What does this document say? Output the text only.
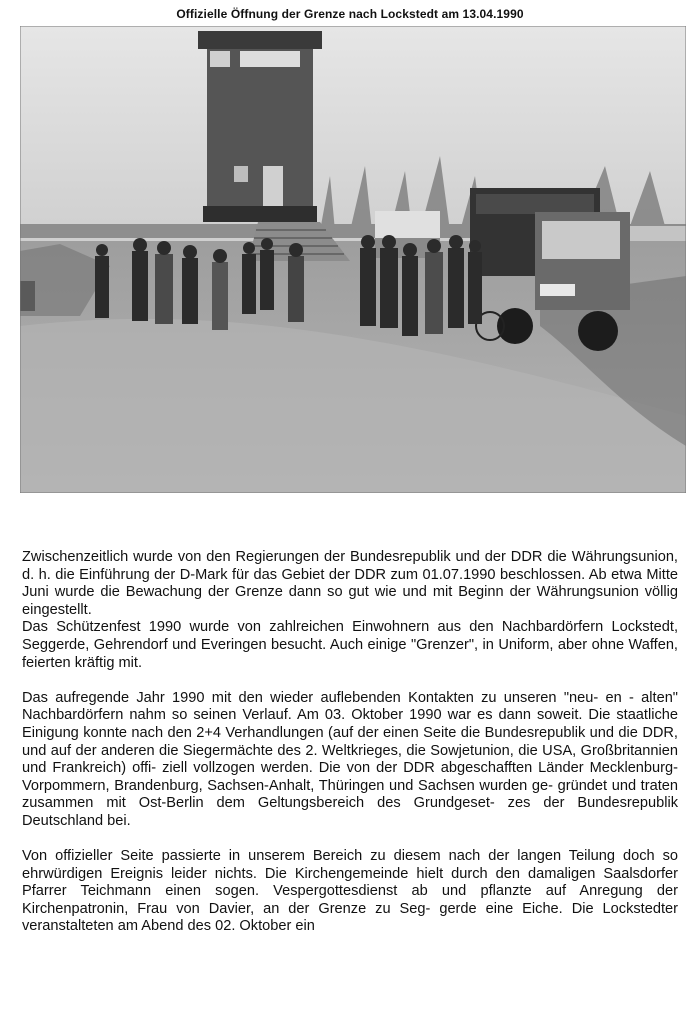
Offizielle Öffnung der Grenze nach Lockstedt am 13.04.1990

Zwischenzeitlich wurde von den Regierungen der Bundesrepublik und der DDR die Währungsunion, d. h. die Einführung der D-Mark für das Gebiet der DDR zum 01.07.1990 beschlossen. Ab etwa Mitte Juni wurde die Bewachung der Grenze dann so gut wie und mit Beginn der Währungsunion völlig eingestellt.

Das Schützenfest 1990 wurde von zahlreichen Einwohnern aus den Nachbardörfern Lockstedt, Seggerde, Gehrendorf und Everingen besucht. Auch einige "Grenzer", in Uniform, aber ohne Waffen, feierten kräftig mit.

Das aufregende Jahr 1990 mit den wieder auflebenden Kontakten zu unseren "neu- en - alten" Nachbardörfern nahm so seinen Verlauf. Am 03. Oktober 1990 war es dann soweit. Die staatliche Einigung konnte nach den 2+4 Verhandlungen (auf der einen Seite die Bundesrepublik und die DDR, und auf der anderen die Siegermächte des 2. Weltkrieges, die Sowjetunion, die USA, Großbritannien und Frankreich) offi- ziell vollzogen werden. Die von der DDR abgeschafften Länder Mecklenburg- Vorpommern, Brandenburg, Sachsen-Anhalt, Thüringen und Sachsen wurden ge- gründet und traten zusammen mit Ost-Berlin dem Geltungsbereich des Grundgeset- zes der Bundesrepublik Deutschland bei.

Von offizieller Seite passierte in unserem Bereich zu diesem nach der langen Teilung doch so ehrwürdigen Ereignis leider nichts. Die Kirchengemeinde hielt durch den damaligen Saalsdorfer Pfarrer Teichmann einen sogen. Vespergottesdienst ab und pflanzte auf Anregung der Kirchenpatronin, Frau von Davier, an der Grenze zu Seg- gerde eine Eiche. Die Lockstedter veranstalteten am Abend des 02. Oktober ein
